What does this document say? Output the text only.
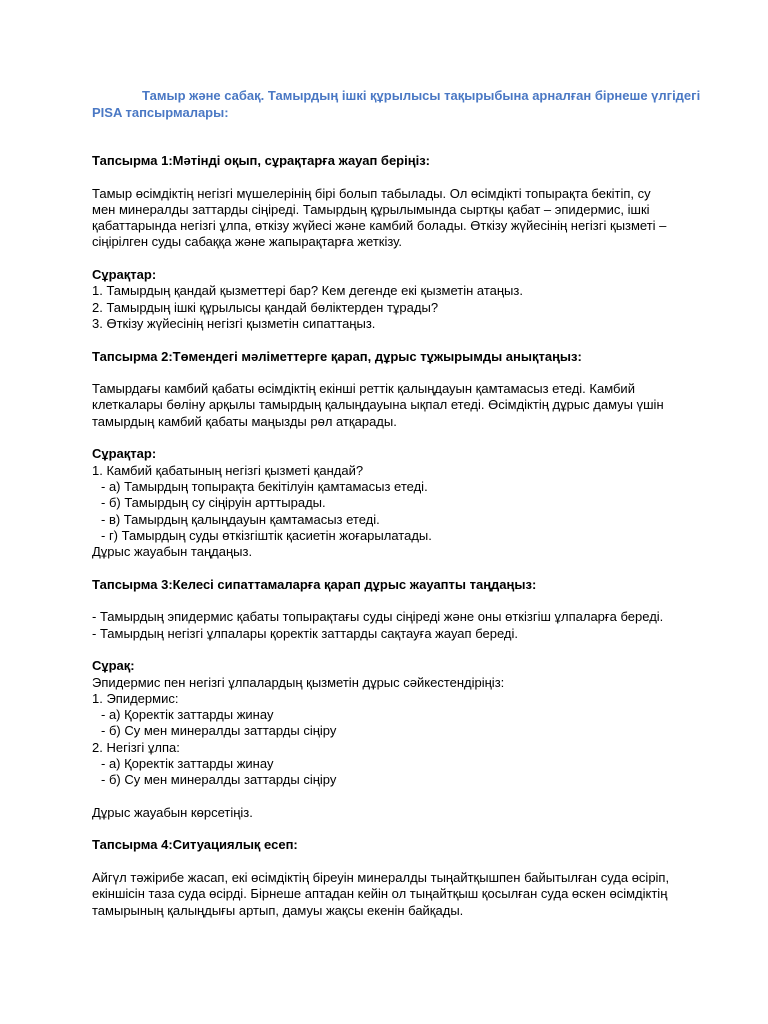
Тамыр және сабақ. Тамырдың ішкі құрылысы тақырыбына арналған бірнеше үлгідегі
PISA тапсырмалары:

Тапсырма 1:Мәтінді оқып, сұрақтарға жауап беріңіз:

Тамыр өсімдіктің негізгі мүшелерінің бірі болып табылады. Ол өсімдікті топырақта бекітіп, су

мен минералды заттарды сіңіреді. Тамырдың құрылымында сыртқы қабат – эпидермис, ішкі

қабаттарында негізгі ұлпа, өткізу жүйесі және камбий болады. Өткізу жүйесінің негізгі қызметі –

сіңірілген суды сабаққа және жапырақтарға жеткізу.

Сұрақтар:

1. Тамырдың қандай қызметтері бар? Кем дегенде екі қызметін атаңыз.

2. Тамырдың ішкі құрылысы қандай бөліктерден тұрады?

3. Өткізу жүйесінің негізгі қызметін сипаттаңыз.

Тапсырма 2:Төмендегі мәліметтерге қарап, дұрыс тұжырымды анықтаңыз:

Тамырдағы камбий қабаты өсімдіктің екінші реттік қалыңдауын қамтамасыз етеді. Камбий

клеткалары бөліну арқылы тамырдың қалыңдауына ықпал етеді. Өсімдіктің дұрыс дамуы үшін

тамырдың камбий қабаты маңызды рөл атқарады.

Сұрақтар:

1. Камбий қабатының негізгі қызметі қандай?

- а) Тамырдың топырақта бекітілуін қамтамасыз етеді.

- б) Тамырдың су сіңіруін арттырады.

- в) Тамырдың қалыңдауын қамтамасыз етеді.

- г) Тамырдың суды өткізгіштік қасиетін жоғарылатады.

Дұрыс жауабын таңдаңыз.

Тапсырма 3:Келесі сипаттамаларға қарап дұрыс жауапты таңдаңыз:

- Тамырдың эпидермис қабаты топырақтағы суды сіңіреді және оны өткізгіш ұлпаларға береді.

- Тамырдың негізгі ұлпалары қоректік заттарды сақтауға жауап береді.

Сұрақ:

Эпидермис пен негізгі ұлпалардың қызметін дұрыс сәйкестендіріңіз:

1. Эпидермис:

- а) Қоректік заттарды жинау

- б) Су мен минералды заттарды сіңіру

2. Негізгі ұлпа:

- а) Қоректік заттарды жинау

- б) Су мен минералды заттарды сіңіру

Дұрыс жауабын көрсетіңіз.

Тапсырма 4:Ситуациялық есеп:

Айгүл тәжірибе жасап, екі өсімдіктің біреуін минералды тыңайтқышпен байытылған суда өсіріп,

екіншісін таза суда өсірді. Бірнеше аптадан кейін ол тыңайтқыш қосылған суда өскен өсімдіктің

тамырының қалыңдығы артып, дамуы жақсы екенін байқады.
